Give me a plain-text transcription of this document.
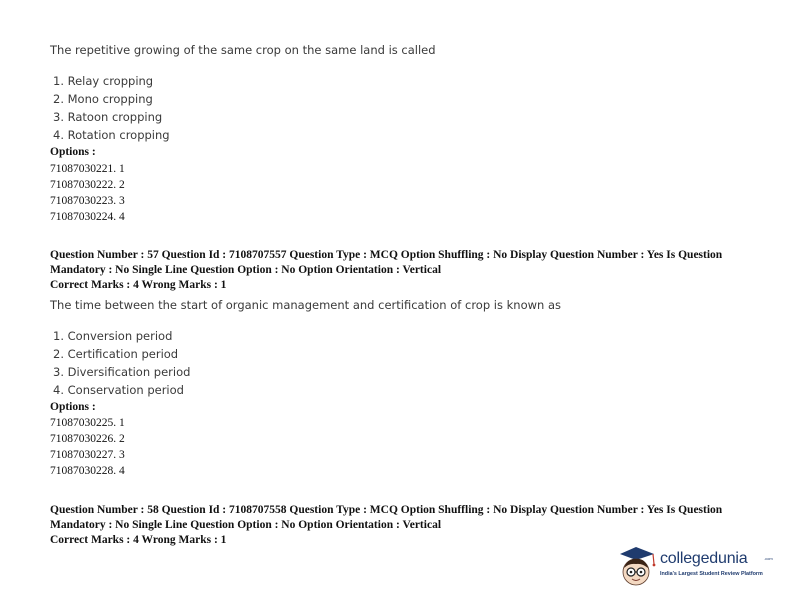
The repetitive growing of the same crop on the same land is called
1. Relay cropping
2. Mono cropping
3. Ratoon cropping
4. Rotation cropping
Options :
71087030221. 1
71087030222. 2
71087030223. 3
71087030224. 4
Question Number : 57 Question Id : 7108707557 Question Type : MCQ Option Shuffling : No Display Question Number : Yes Is Question Mandatory : No Single Line Question Option : No Option Orientation : Vertical
Correct Marks : 4 Wrong Marks : 1
The time between the start of organic management and certification of crop is known as
1. Conversion period
2. Certification period
3. Diversification period
4. Conservation period
Options :
71087030225. 1
71087030226. 2
71087030227. 3
71087030228. 4
Question Number : 58 Question Id : 7108707558 Question Type : MCQ Option Shuffling : No Display Question Number : Yes Is Question Mandatory : No Single Line Question Option : No Option Orientation : Vertical
Correct Marks : 4 Wrong Marks : 1
collegedunia	.com
India's Largest Student Review Platform
